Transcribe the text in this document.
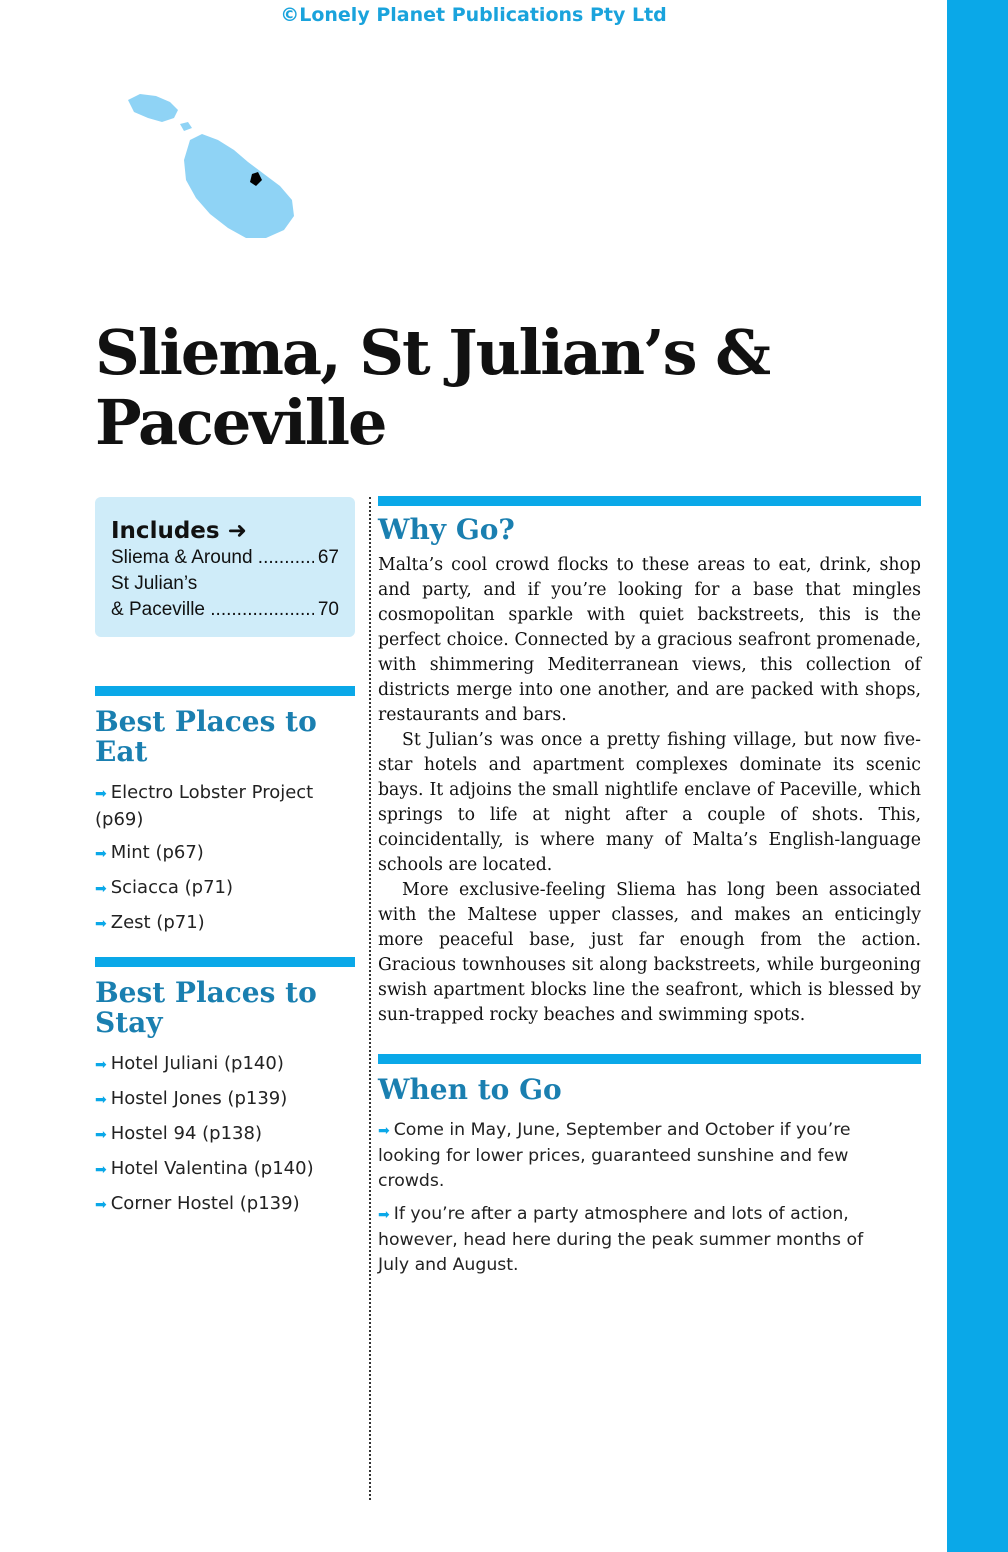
©Lonely Planet Publications Pty Ltd
Sliema, St Julian’s & Paceville
Includes ➜
Sliema & Around .....	67
St Julian’s
& Paceville .....	70
Best Places to Eat
➡ Electro Lobster Project (p69)
➡ Mint (p67)
➡ Sciacca (p71)
➡ Zest (p71)
Best Places to Stay
➡ Hotel Juliani (p140)
➡ Hostel Jones (p139)
➡ Hostel 94 (p138)
➡ Hotel Valentina (p140)
➡ Corner Hostel (p139)
Why Go?

Malta’s cool crowd flocks to these areas to eat, drink, shop and party, and if you’re looking for a base that mingles cosmopolitan sparkle with quiet backstreets, this is the perfect choice. Connected by a gracious seafront promenade, with shimmering Mediterranean views, this collection of districts merge into one another, and are packed with shops, restaurants and bars.

St Julian’s was once a pretty fishing village, but now five-star hotels and apartment complexes dominate its scenic bays. It adjoins the small nightlife enclave of Paceville, which springs to life at night after a couple of shots. This, coincidentally, is where many of Malta’s English-language schools are located.

More exclusive-feeling Sliema has long been associated with the Maltese upper classes, and makes an enticingly more peaceful base, just far enough from the action. Gracious townhouses sit along backstreets, while burgeoning swish apartment blocks line the seafront, which is blessed by sun-trapped rocky beaches and swimming spots.

When to Go
➡ Come in May, June, September and October if you’re looking for lower prices, guaranteed sunshine and few crowds.
➡ If you’re after a party atmosphere and lots of action, however, head here during the peak summer months of July and August.
